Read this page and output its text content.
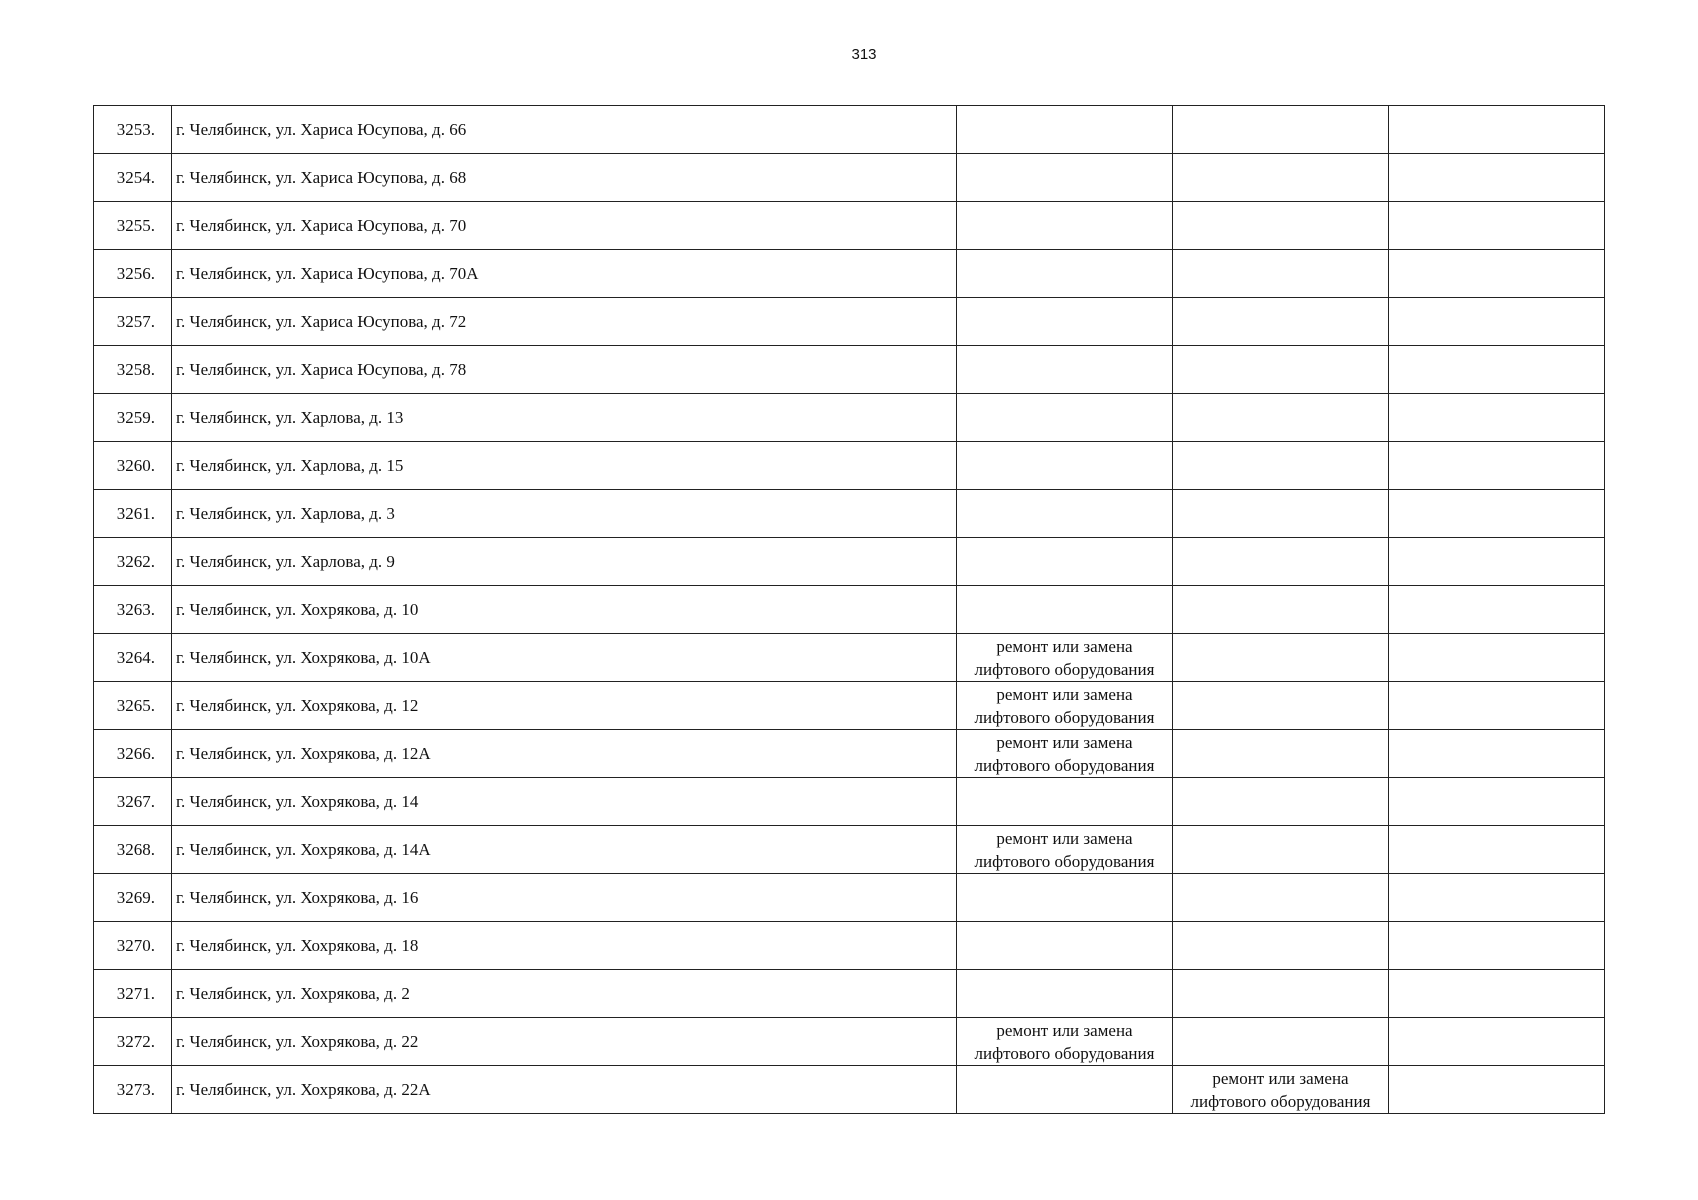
313
3253.	г. Челябинск, ул. Хариса Юсупова, д. 66			
3254.	г. Челябинск, ул. Хариса Юсупова, д. 68			
3255.	г. Челябинск, ул. Хариса Юсупова, д. 70			
3256.	г. Челябинск, ул. Хариса Юсупова, д. 70А			
3257.	г. Челябинск, ул. Хариса Юсупова, д. 72			
3258.	г. Челябинск, ул. Хариса Юсупова, д. 78			
3259.	г. Челябинск, ул. Харлова, д. 13			
3260.	г. Челябинск, ул. Харлова, д. 15			
3261.	г. Челябинск, ул. Харлова, д. 3			
3262.	г. Челябинск, ул. Харлова, д. 9			
3263.	г. Челябинск, ул. Хохрякова, д. 10			
3264.	г. Челябинск, ул. Хохрякова, д. 10А	ремонт или замена
лифтового оборудования		

3265.	г. Челябинск, ул. Хохрякова, д. 12	ремонт или замена
лифтового оборудования		

3266.	г. Челябинск, ул. Хохрякова, д. 12А	ремонт или замена
лифтового оборудования		

3267.	г. Челябинск, ул. Хохрякова, д. 14			
3268.	г. Челябинск, ул. Хохрякова, д. 14А	ремонт или замена
лифтового оборудования		

3269.	г. Челябинск, ул. Хохрякова, д. 16			
3270.	г. Челябинск, ул. Хохрякова, д. 18			
3271.	г. Челябинск, ул. Хохрякова, д. 2			
3272.	г. Челябинск, ул. Хохрякова, д. 22	ремонт или замена
лифтового оборудования		

3273.	г. Челябинск, ул. Хохрякова, д. 22А		ремонт или замена
лифтового оборудования	
